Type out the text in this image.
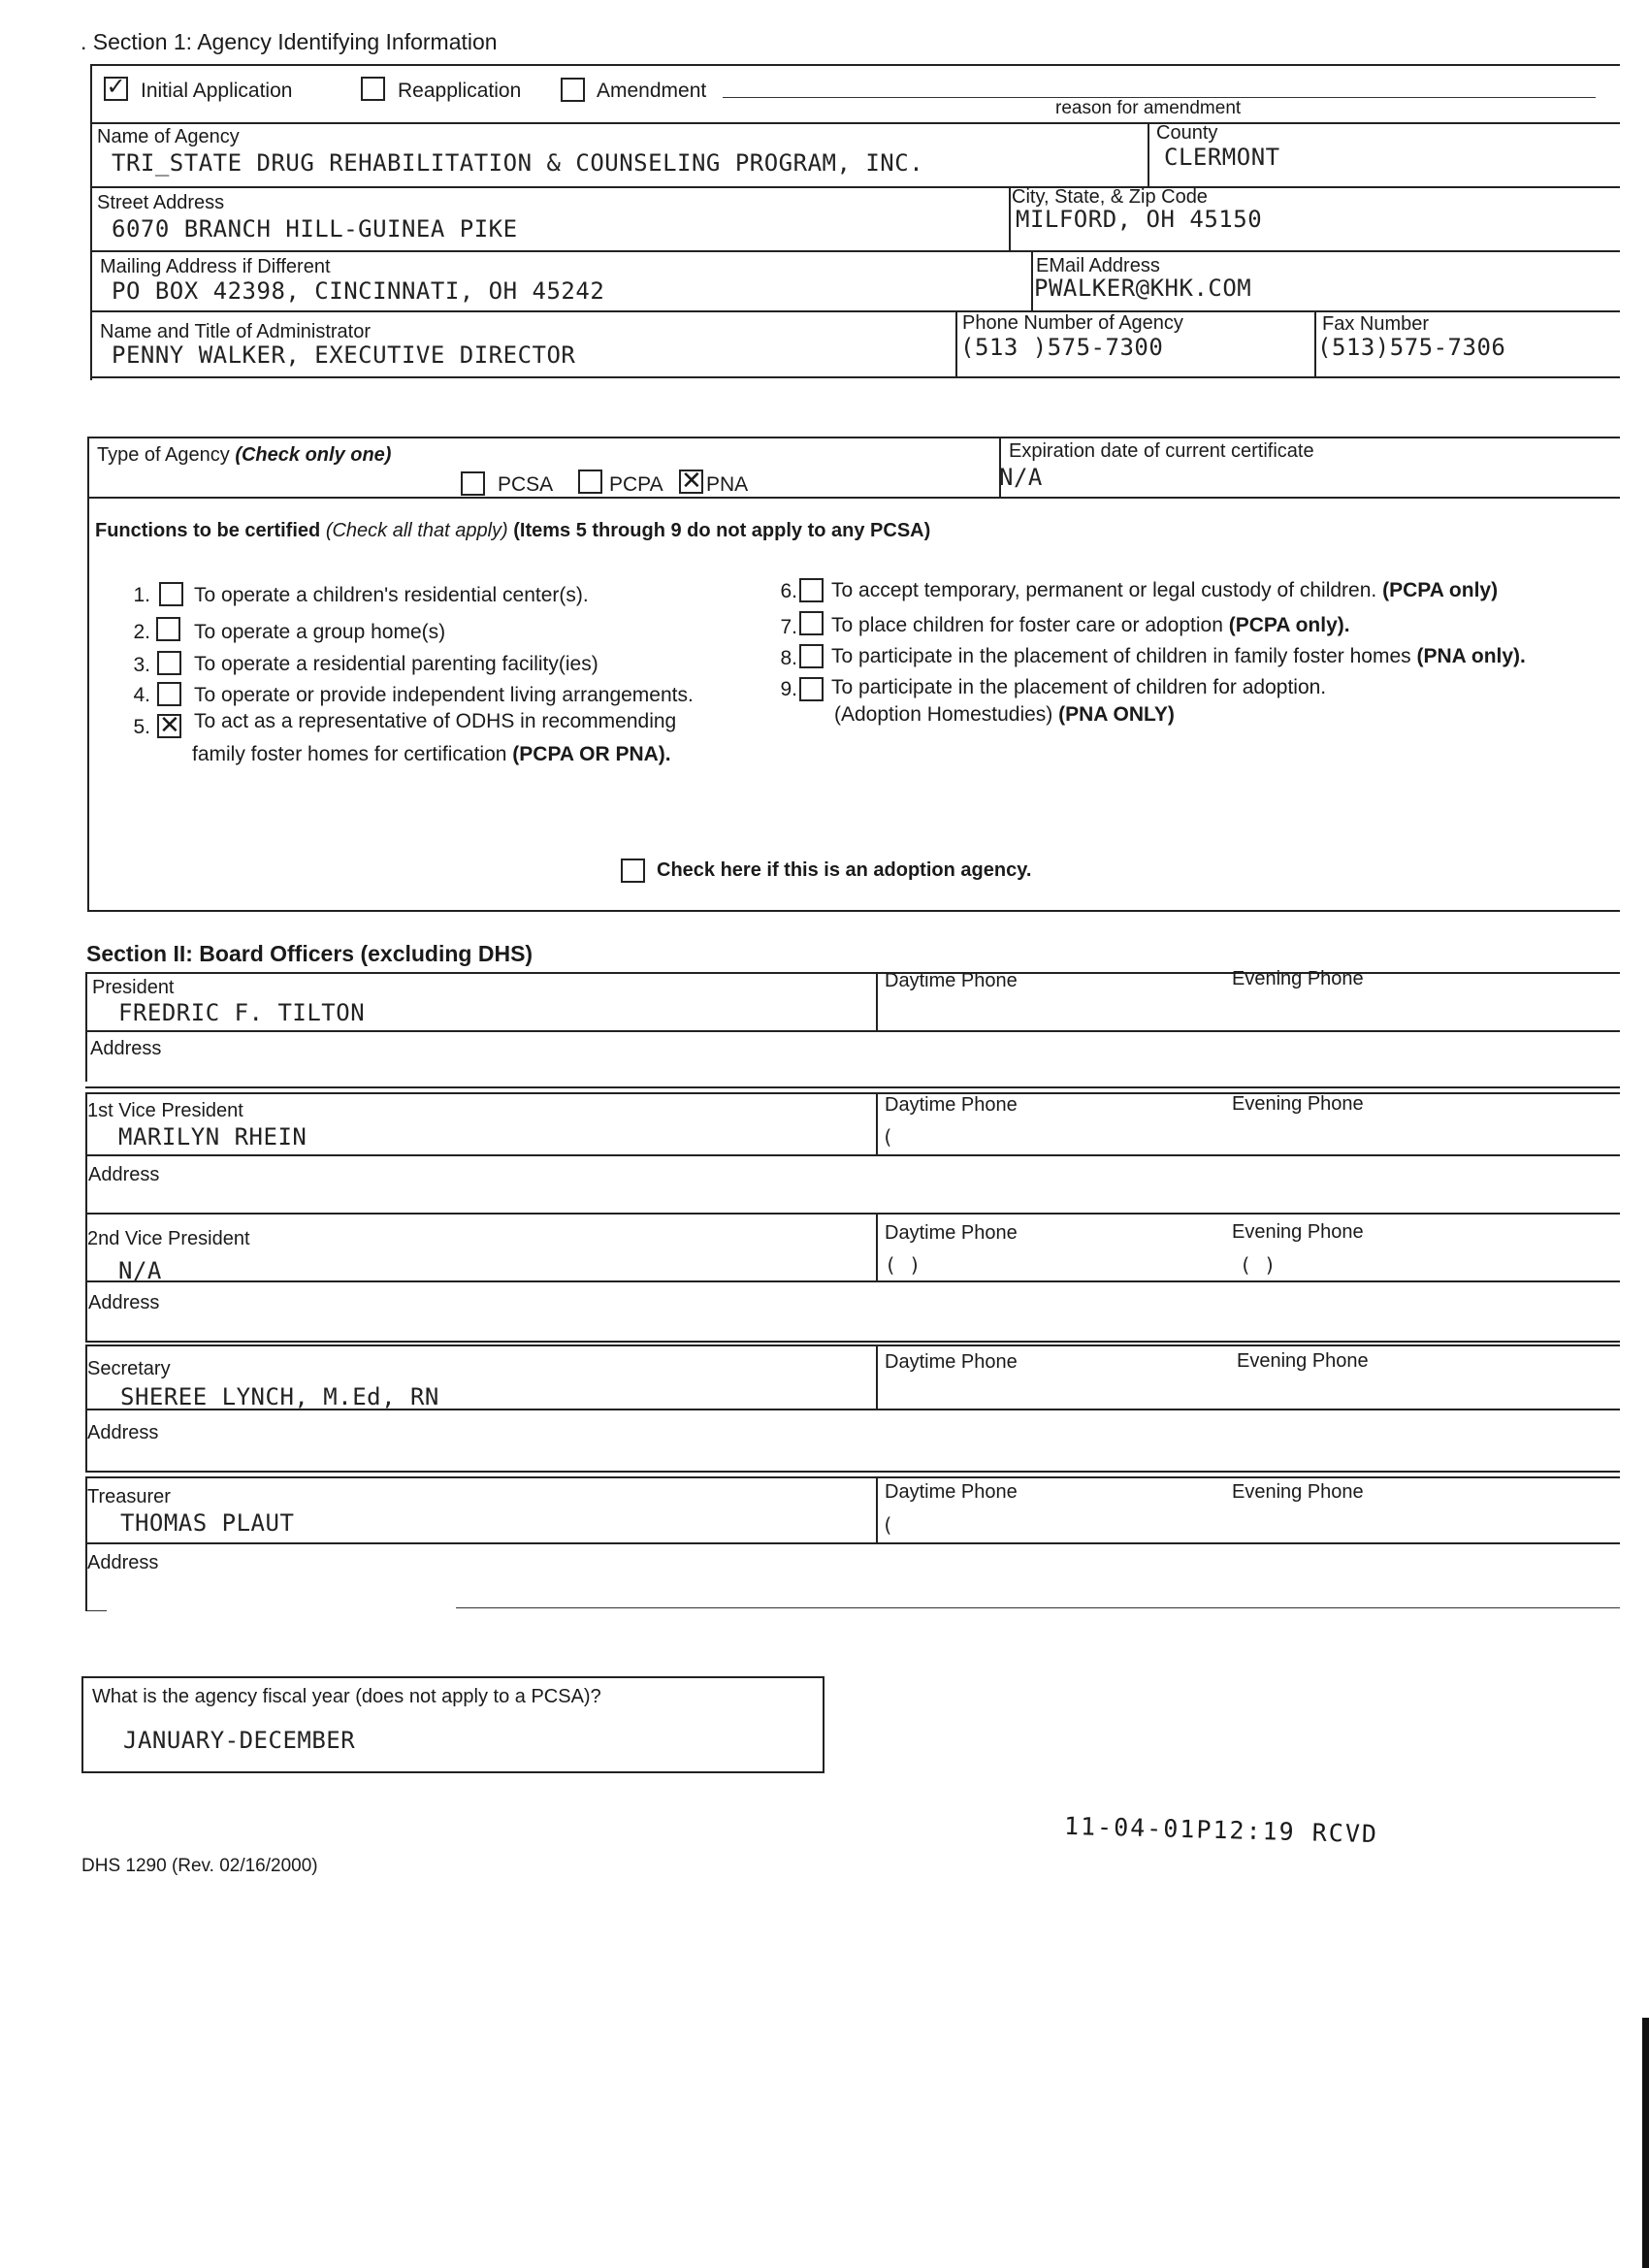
. Section 1: Agency Identifying Information
✓ Initial Application	Reapplication	Amendment
reason for amendment
Name of Agency
TRI_STATE DRUG REHABILITATION & COUNSELING PROGRAM, INC.
County
CLERMONT
Street Address
6070 BRANCH HILL-GUINEA PIKE
City, State, & Zip Code
MILFORD, OH 45150
Mailing Address if Different
PO BOX 42398, CINCINNATI, OH 45242
EMail Address
PWALKER@KHK.COM
Name and Title of Administrator
PENNY WALKER, EXECUTIVE DIRECTOR
Phone Number of Agency
(513 )575-7300
Fax Number
(513)575-7306
Type of Agency (Check only one)
PCSA	PCPA ✕ PNA
Expiration date of current certificate
N/A
Functions to be certified (Check all that apply) (Items 5 through 9 do not apply to any PCSA)
1. To operate a children's residential center(s).
2. To operate a group home(s)
3. To operate a residential parenting facility(ies)
4. To operate or provide independent living arrangements.
5. ✕ To act as a representative of ODHS in recommending
family foster homes for certification (PCPA OR PNA).
6. To accept temporary, permanent or legal custody of children. (PCPA only)
7. To place children for foster care or adoption (PCPA only).
8. To participate in the placement of children in family foster homes (PNA only).
9. To participate in the placement of children for adoption.
(Adoption Homestudies) (PNA ONLY)
Check here if this is an adoption agency.
Section II: Board Officers (excluding DHS)
President
FREDRIC F. TILTON
Daytime Phone	Evening Phone
Address
1st Vice President
MARILYN RHEIN
Daytime Phone
(
Evening Phone
Address
2nd Vice President
N/A
Daytime Phone
( )
Evening Phone
( )
Address
Secretary
SHEREE LYNCH, M.Ed, RN
Daytime Phone	Evening Phone
Address
Treasurer
THOMAS PLAUT
Daytime Phone
(
Evening Phone
Address
What is the agency fiscal year (does not apply to a PCSA)?
JANUARY-DECEMBER
11-04-01P12:19 RCVD
DHS 1290 (Rev. 02/16/2000)
